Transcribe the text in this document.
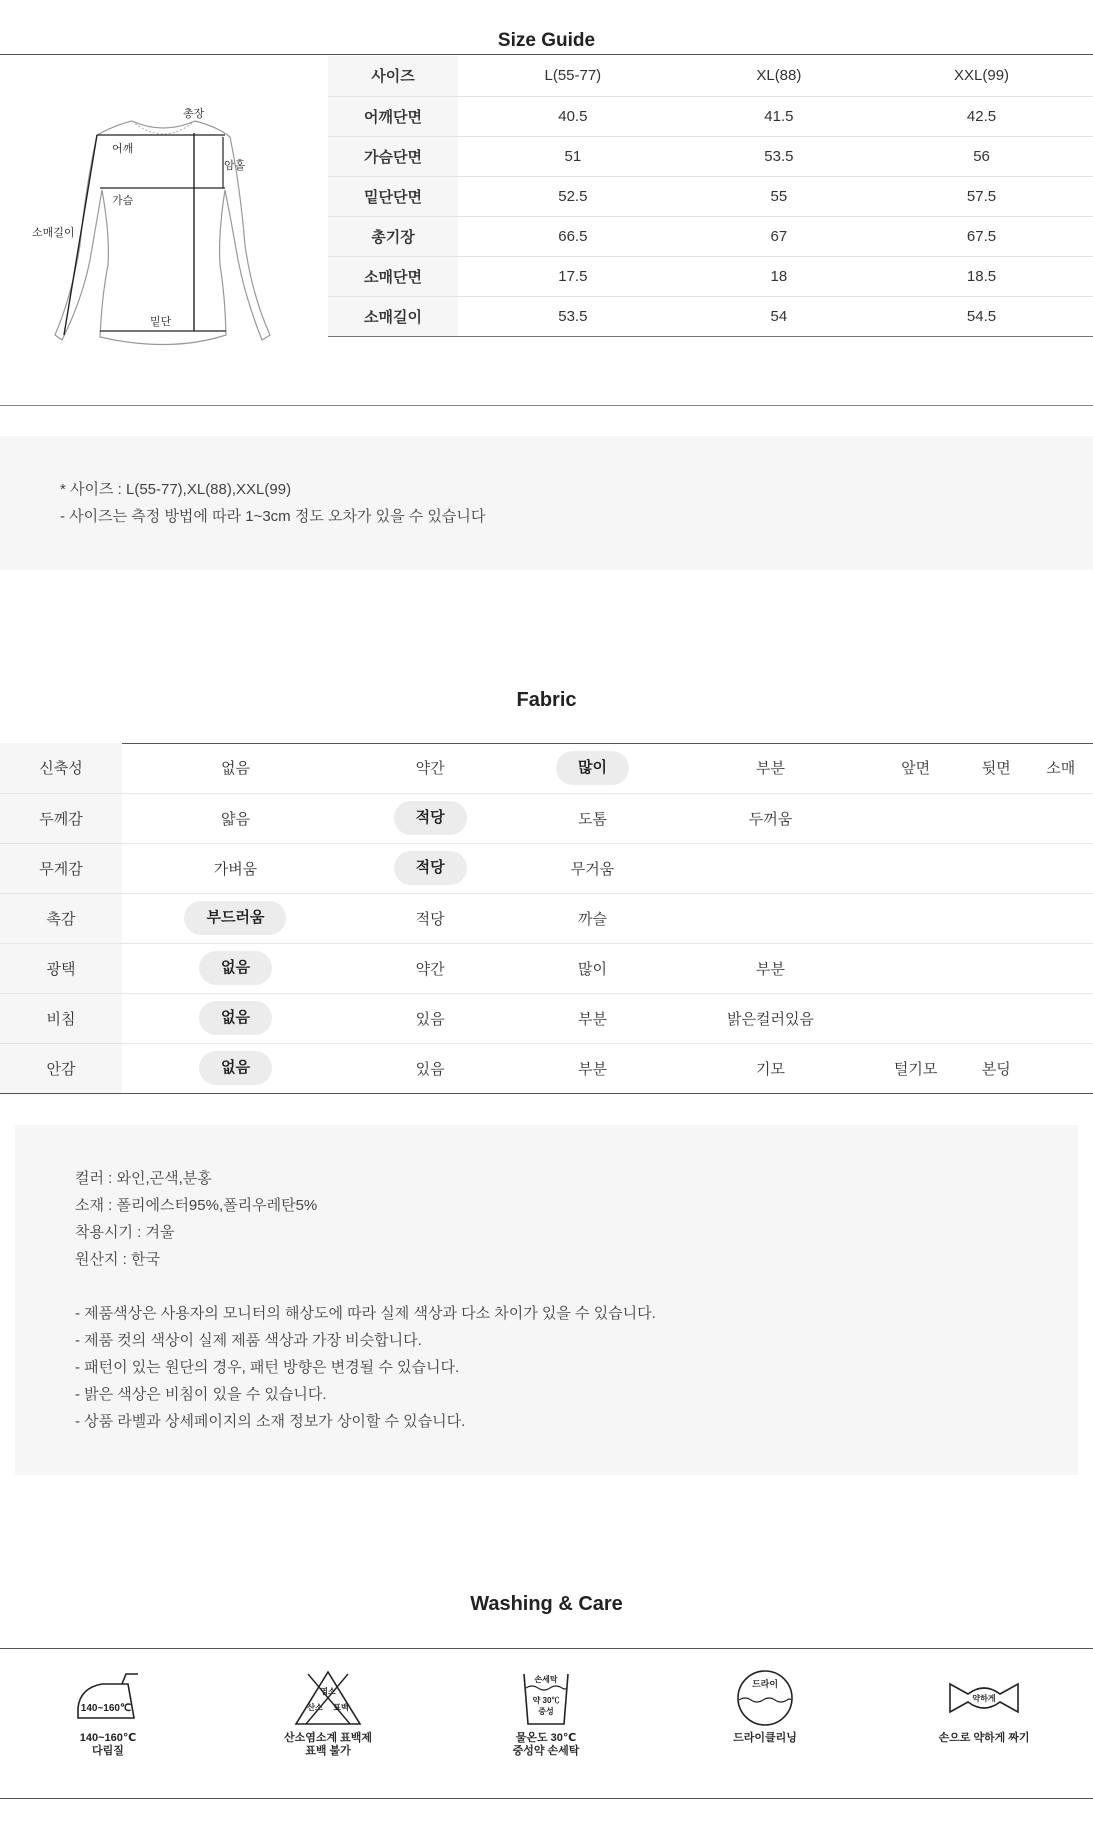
Size Guide
총장
어깨
암홀
가슴
소매길이
밑단
사이즈	L(55-77)	XL(88)	XXL(99)
어깨단면	40.5	41.5	42.5
가슴단면	51	53.5	56
밑단단면	52.5	55	57.5
총기장	66.5	67	67.5
소매단면	17.5	18	18.5
소매길이	53.5	54	54.5
* 사이즈 : L(55-77),XL(88),XXL(99)
- 사이즈는 측정 방법에 따라 1~3cm 정도 오차가 있을 수 있습니다
Fabric
신축성	없음	약간	많이	부분	앞면	뒷면	소매
두께감	얇음	적당	도톰	두꺼움			
무게감	가벼움	적당	무거움				
촉감	부드러움	적당	까슬				
광택	없음	약간	많이	부분			
비침	없음	있음	부분	밝은컬러있음			
안감	없음	있음	부분	기모	털기모	본딩	
컬러 : 와인,곤색,분홍
소재 : 폴리에스터95%,폴리우레탄5%
착용시기 : 겨울
원산지 : 한국
- 제품색상은 사용자의 모니터의 해상도에 따라 실제 색상과 다소 차이가 있을 수 있습니다.
- 제품 컷의 색상이 실제 제품 색상과 가장 비슷합니다.
- 패턴이 있는 원단의 경우, 패턴 방향은 변경될 수 있습니다.
- 밝은 색상은 비침이 있을 수 있습니다.
- 상품 라벨과 상세페이지의 소재 정보가 상이할 수 있습니다.
Washing & Care
140~160℃
140~160℃
다림질
염소
산소 표백
산소염소계 표백제
표백 불가
손세탁
약 30℃
중성
물온도 30℃
중성약 손세탁
드라이
드라이클리닝
약하게
손으로 약하게 짜기
